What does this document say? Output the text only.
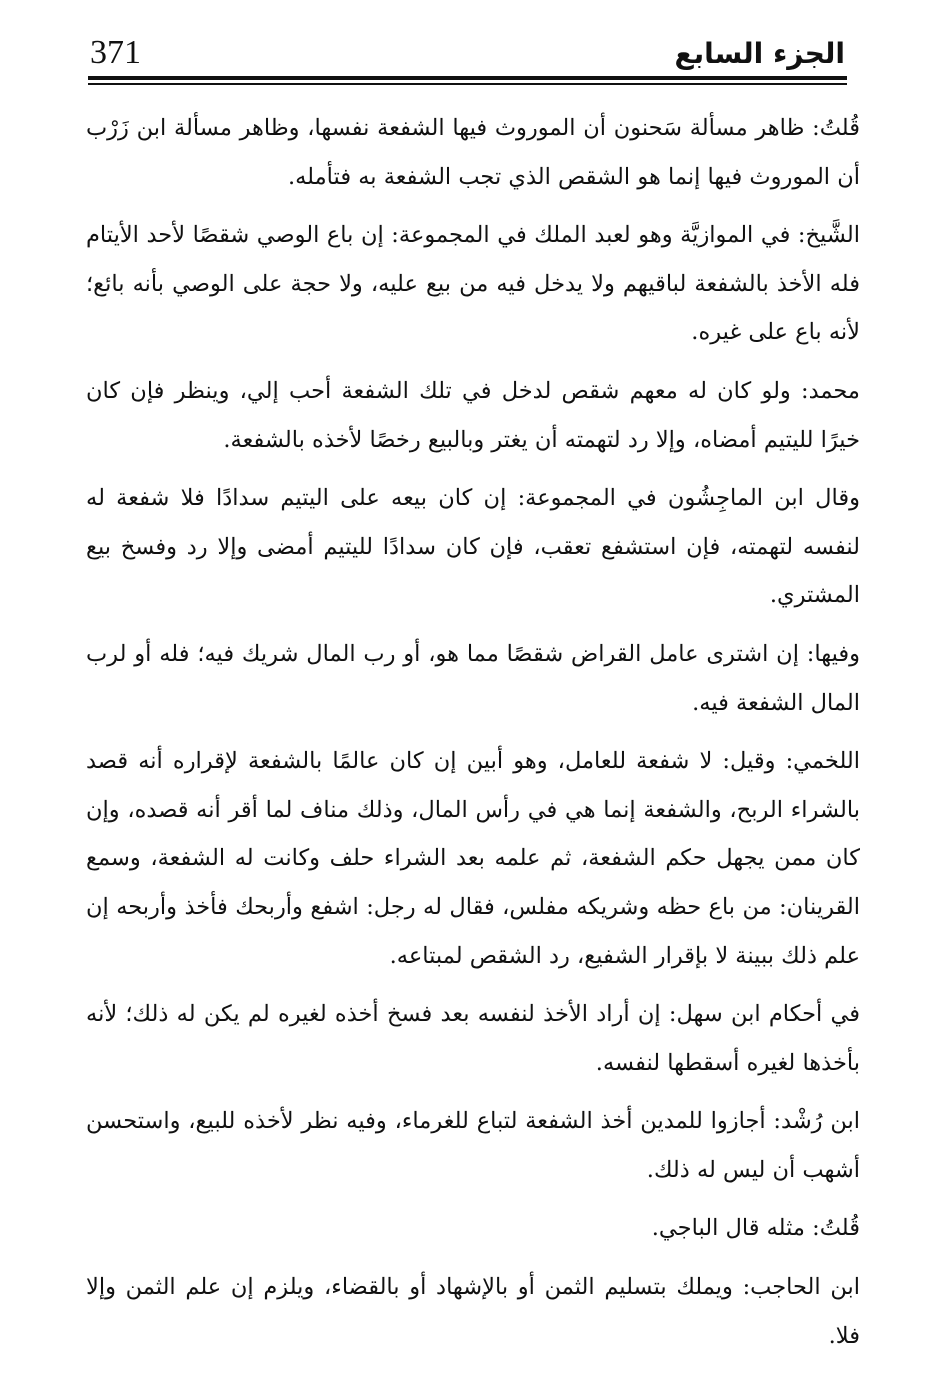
371	الجزء السابع

قُلتُ: ظاهر مسألة سَحنون أن الموروث فيها الشفعة نفسها، وظاهر مسألة ابن زَرْب أن الموروث فيها إنما هو الشقص الذي تجب الشفعة به فتأمله.

الشَّيخ: في الموازيَّة وهو لعبد الملك في المجموعة: إن باع الوصي شقصًا لأحد الأيتام فله الأخذ بالشفعة لباقيهم ولا يدخل فيه من بيع عليه، ولا حجة على الوصي بأنه بائع؛ لأنه باع على غيره.

محمد: ولو كان له معهم شقص لدخل في تلك الشفعة أحب إلي، وينظر فإن كان خيرًا لليتيم أمضاه، وإلا رد لتهمته أن يغتر وبالبيع رخصًا لأخذه بالشفعة.

وقال ابن الماجِشُون في المجموعة: إن كان بيعه على اليتيم سدادًا فلا شفعة له لنفسه لتهمته، فإن استشفع تعقب، فإن كان سدادًا لليتيم أمضى وإلا رد وفسخ بيع المشتري.

وفيها: إن اشترى عامل القراض شقصًا مما هو، أو رب المال شريك فيه؛ فله أو لرب المال الشفعة فيه.

اللخمي: وقيل: لا شفعة للعامل، وهو أبين إن كان عالمًا بالشفعة لإقراره أنه قصد بالشراء الربح، والشفعة إنما هي في رأس المال، وذلك مناف لما أقر أنه قصده، وإن كان ممن يجهل حكم الشفعة، ثم علمه بعد الشراء حلف وكانت له الشفعة، وسمع القرينان: من باع حظه وشريكه مفلس، فقال له رجل: اشفع وأربحك فأخذ وأربحه إن علم ذلك ببينة لا بإقرار الشفيع، رد الشقص لمبتاعه.

في أحكام ابن سهل: إن أراد الأخذ لنفسه بعد فسخ أخذه لغيره لم يكن له ذلك؛ لأنه بأخذها لغيره أسقطها لنفسه.

ابن رُشْد: أجازوا للمدين أخذ الشفعة لتباع للغرماء، وفيه نظر لأخذه للبيع، واستحسن أشهب أن ليس له ذلك.

قُلتُ: مثله قال الباجي.

ابن الحاجب: ويملك بتسليم الثمن أو بالإشهاد أو بالقضاء، ويلزم إن علم الثمن وإلا فلا.
